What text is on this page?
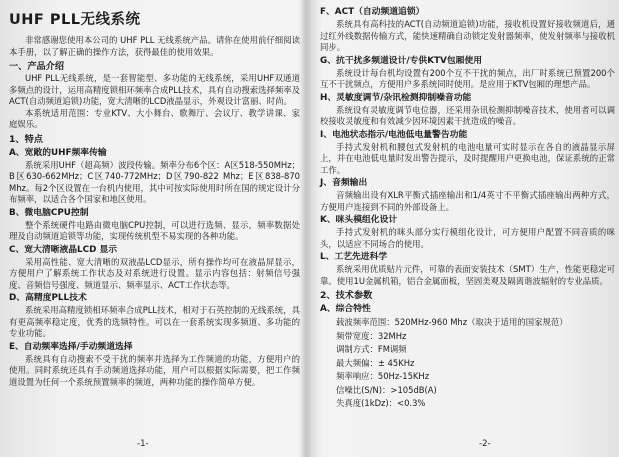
UHF PLL无线系统

非常感谢您使用本公司的 UHF PLL 无线系统产品。请你在使用前仔细阅读本手册，以了解正确的操作方法，获得最佳的使用效果。

一、产品介绍

UHF PLL无线系统，是一套智能型、多功能的无线系统，采用UHF双通道多频点的设计，运用高精度锁相环频率合成PLL技术，具有自动搜索选择频率及ACT(自动频道追锁)功能，宽大清晰的LCD液晶显示，外观设计富丽、时尚。

本系统适用范围：专业KTV、大小舞台、歌舞厅、会议厅、教学讲课、家庭娱乐。

1、特点
A、宽敞的UHF频率传输

系统采用UHF（超高频）波段传输。频率分布6个区：A区518-550MHz；B区630-662MHz；C区740-772MHz；D区790-822 Mhz；E区838-870 Mhz。每2个区设置在一台机内使用，其中可按实际使用时所在国的规定设计分布频率，以适合各个国家和地区使用。

B、微电脑CPU控制

整个系统硬件电路由微电脑CPU控制，可以进行选频、显示，频率数据处理及自动频道追锁等功能，实现传统机型不易实现的各种功能。

C、宽大清晰液晶LCD 显示

采用高性能、宽大清晰的双液晶LCD显示，所有操作均可在液晶屏显示，方便用户了解系统工作状态及对系统进行设置。显示内容包括：射频信号强度、音频信号强度、频道显示、频率显示、ACT工作状态等。

D、高精度PLL技术

系统采用高精度锁相环频率合成PLL技术，相对于石英控制的无线系统，具有更高频率稳定度，优秀的选频特性。可以在一套系统实现多频道、多功能的专业功能。

E、自动频率选择/手动频道选择

系统具有自动搜索不受干扰的频率并选择为工作频道的功能，方便用户的使用。同时系统还具有手动频道选择功能，用户可以根据实际需要，把工作频道设置为任何一个系统预置频率的频道，两种功能的操作简单方便。

-1-
F、ACT（自动频道追锁）

系统具有高科技的ACT(自动频道追锁)功能，接收机设置好接收频道后，通过红外线数据传输方式，能快速精确自动锁定发射器频率，使发射频率与接收机同步。

G、抗干扰多频道设计/专供KTV包厢使用

系统设计每台机均设置有200个互不干扰的频点，出厂时系统已预置200个互不干扰频点，方便用户多系统同时使用。是应用于KTV包厢的理想产品。

H、灵敏度调节/杂讯检测抑制噪音功能

系统设有灵敏度调节电位器，还采用杂讯检测抑制噪音技术，使用者可以调校接收灵敏度和有效减少因环境因素干扰造成的噪音。

I、电池状态指示/电池低电量警告功能

手持式发射机和腰包式发射机的电池电量可实时显示在各自的液晶显示屏上，并在电池低电量时发出警告提示，及时提醒用户更换电池，保证系统的正常工作。

J、音频输出

音频输出设有XLR平衡式插座输出和1/4英寸不平衡式插座输出两种方式，方便用户连接到不同的外部设备上。

K、咪头模组化设计

手持式发射机的咪头部分实行模组化设计，可方便用户配置不同音质的咪头，以适应不同场合的使用。

L、工艺先进科学

系统采用优质贴片元件，可靠的表面安装技术（SMT）生产，性能更稳定可靠。使用1U金属机箱，铝合金属面板，坚固美观及隔离谐波辐射的专业品质。

2、技术参数
A、综合特性
载波频率范围：520MHz-960 Mhz（取决于适用的国家规范）
频带宽度：32MHz
调制方式：FM调频
最大频偏：± 45KHz
频率响应：50Hz-15KHz
信噪比(S/N)：>105dB(A)
失真度(1kDz)：<0.3%
-2-
